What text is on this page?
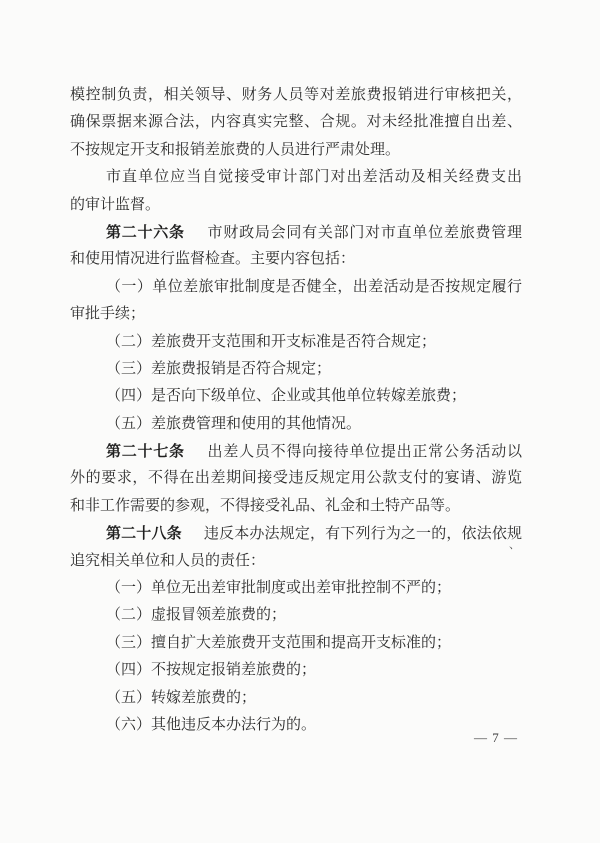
模控制负责，相关领导、财务人员等对差旅费报销进行审核把关，
确保票据来源合法，内容真实完整、合规。对未经批准擅自出差、
不按规定开支和报销差旅费的人员进行严肃处理。
市直单位应当自觉接受审计部门对出差活动及相关经费支出
的审计监督。
第二十六条 市财政局会同有关部门对市直单位差旅费管理
和使用情况进行监督检查。主要内容包括：
（一）单位差旅审批制度是否健全，出差活动是否按规定履行
审批手续；
（二）差旅费开支范围和开支标准是否符合规定；
（三）差旅费报销是否符合规定；
（四）是否向下级单位、企业或其他单位转嫁差旅费；
（五）差旅费管理和使用的其他情况。
第二十七条 出差人员不得向接待单位提出正常公务活动以
外的要求，不得在出差期间接受违反规定用公款支付的宴请、游览
和非工作需要的参观，不得接受礼品、礼金和土特产品等。
第二十八条 违反本办法规定，有下列行为之一的，依法依规
追究相关单位和人员的责任：
（一）单位无出差审批制度或出差审批控制不严的；
（二）虚报冒领差旅费的；
（三）擅自扩大差旅费开支范围和提高开支标准的；
（四）不按规定报销差旅费的；
（五）转嫁差旅费的；
（六）其他违反本办法行为的。
、
— 7 —
